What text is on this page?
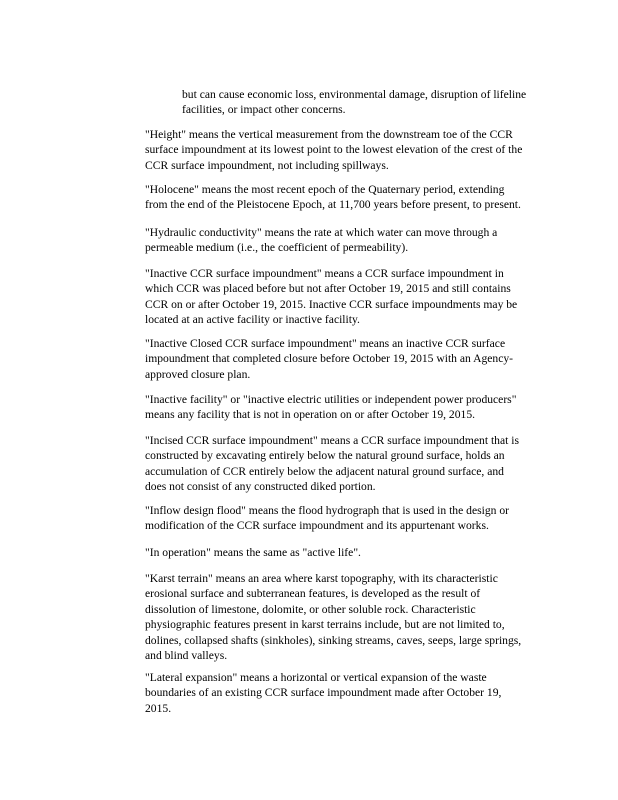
but can cause economic loss, environmental damage, disruption of lifeline
facilities, or impact other concerns.

"Height" means the vertical measurement from the downstream toe of the CCR
surface impoundment at its lowest point to the lowest elevation of the crest of the
CCR surface impoundment, not including spillways.

"Holocene" means the most recent epoch of the Quaternary period, extending
from the end of the Pleistocene Epoch, at 11,700 years before present, to present.

"Hydraulic conductivity" means the rate at which water can move through a
permeable medium (i.e., the coefficient of permeability).

"Inactive CCR surface impoundment" means a CCR surface impoundment in
which CCR was placed before but not after October 19, 2015 and still contains
CCR on or after October 19, 2015. Inactive CCR surface impoundments may be
located at an active facility or inactive facility.

"Inactive Closed CCR surface impoundment" means an inactive CCR surface
impoundment that completed closure before October 19, 2015 with an Agency-
approved closure plan.

"Inactive facility" or "inactive electric utilities or independent power producers"
means any facility that is not in operation on or after October 19, 2015.

"Incised CCR surface impoundment" means a CCR surface impoundment that is
constructed by excavating entirely below the natural ground surface, holds an
accumulation of CCR entirely below the adjacent natural ground surface, and
does not consist of any constructed diked portion.

"Inflow design flood" means the flood hydrograph that is used in the design or
modification of the CCR surface impoundment and its appurtenant works.

"In operation" means the same as "active life".

"Karst terrain" means an area where karst topography, with its characteristic
erosional surface and subterranean features, is developed as the result of
dissolution of limestone, dolomite, or other soluble rock. Characteristic
physiographic features present in karst terrains include, but are not limited to,
dolines, collapsed shafts (sinkholes), sinking streams, caves, seeps, large springs,
and blind valleys.

"Lateral expansion" means a horizontal or vertical expansion of the waste
boundaries of an existing CCR surface impoundment made after October 19,
2015.
